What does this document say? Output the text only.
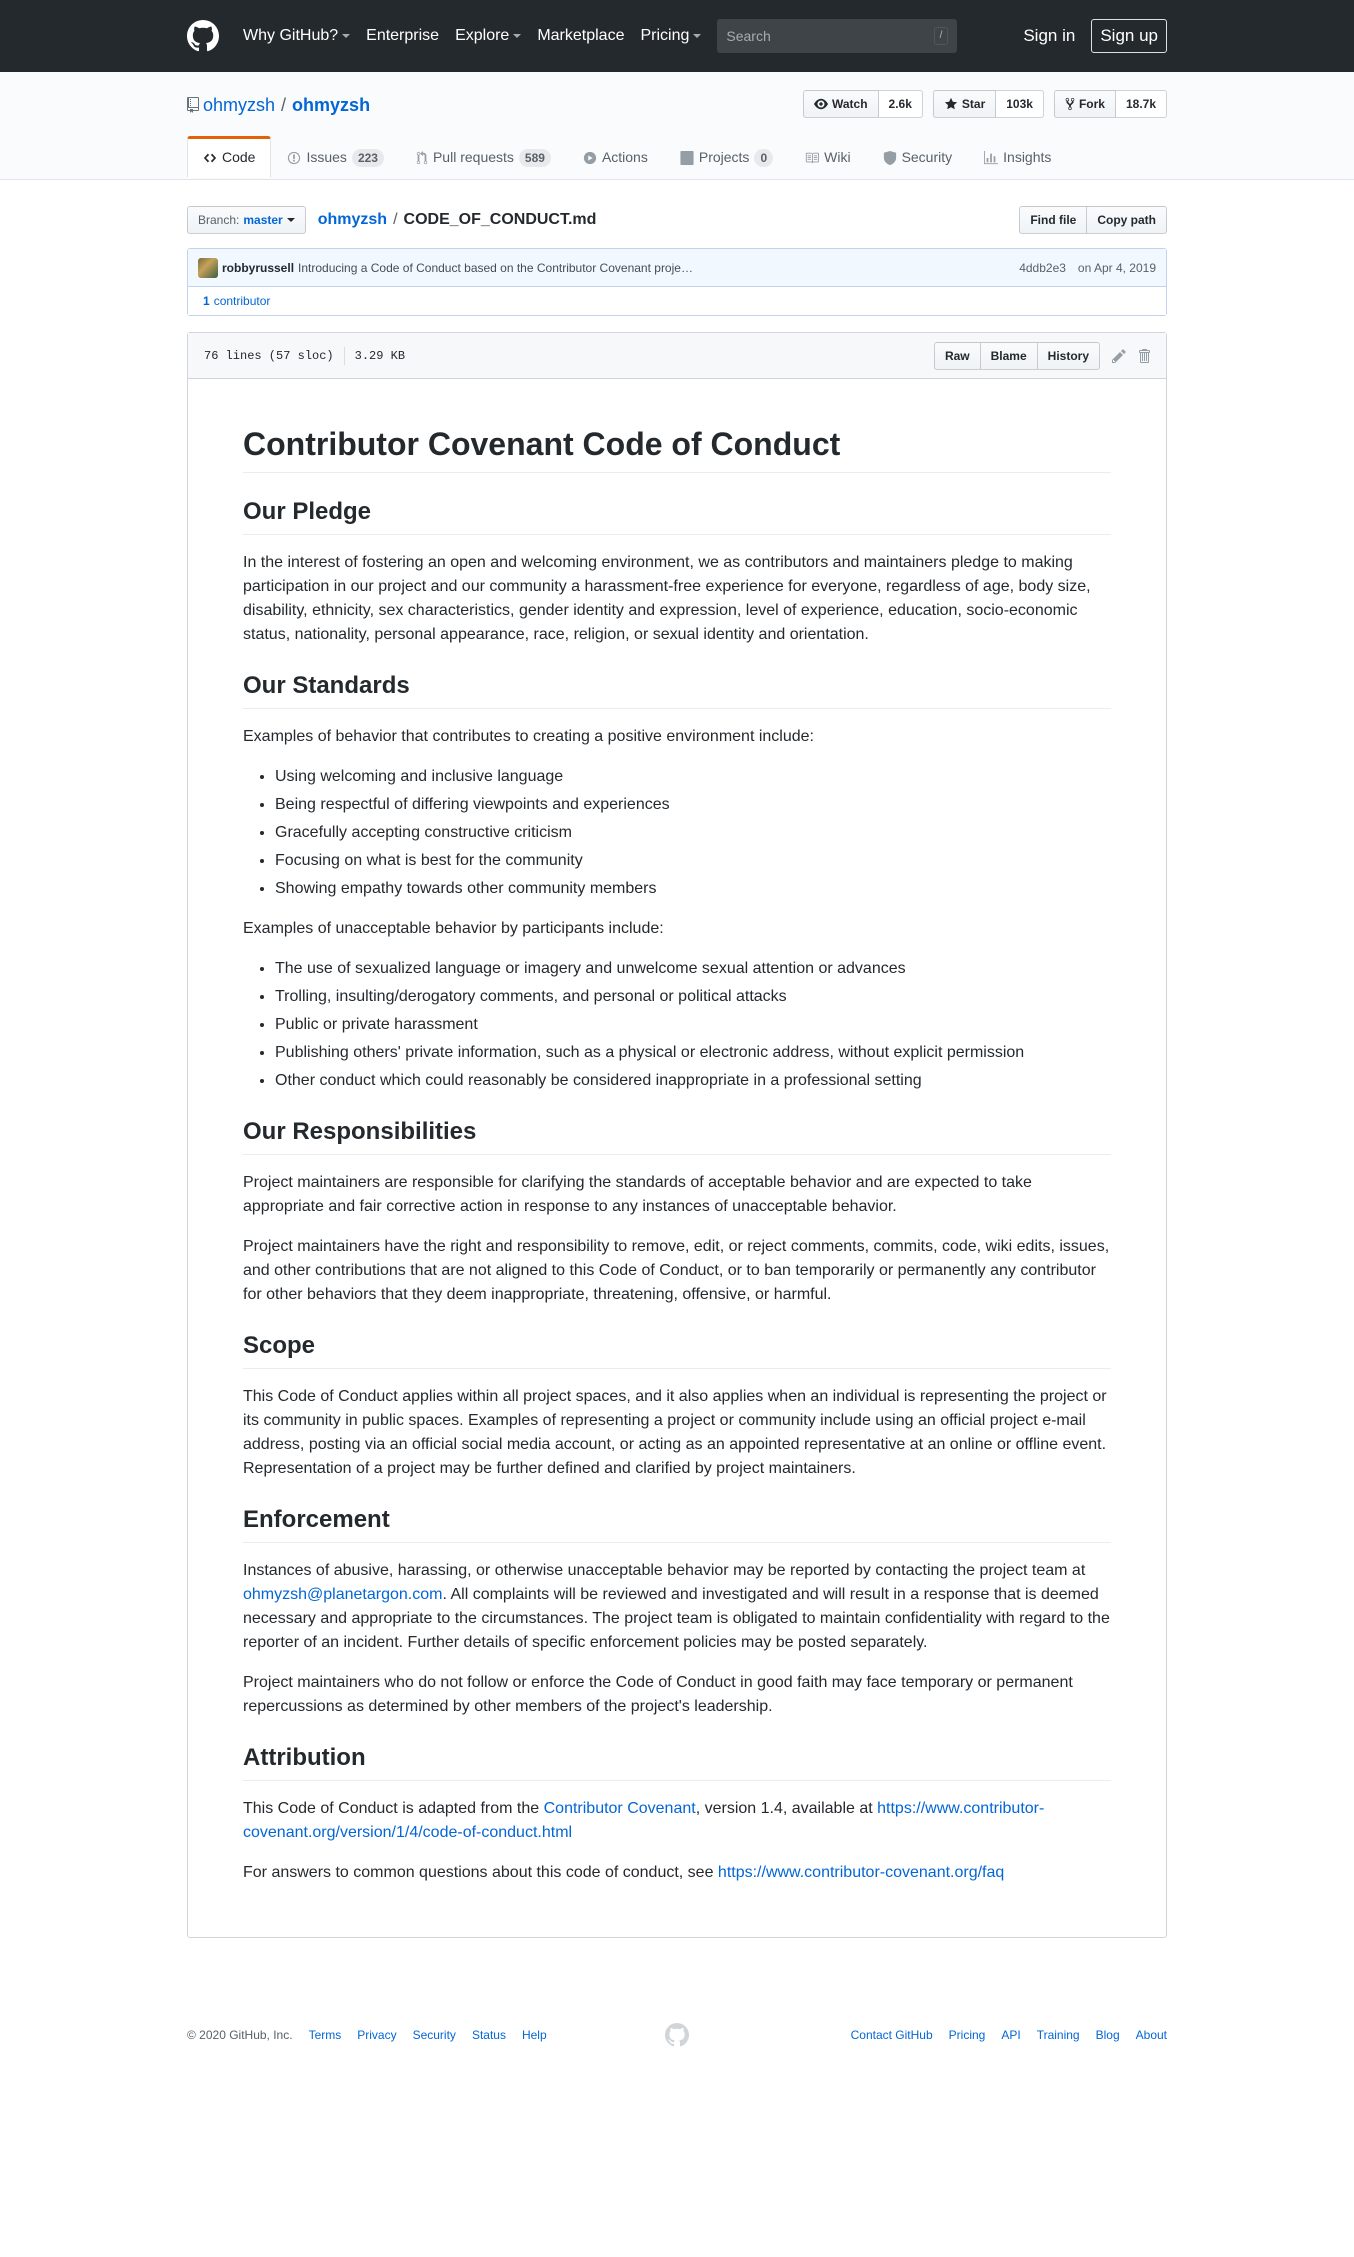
Why GitHub? Enterprise Explore Marketplace Pricing
Search	/	Sign in	Sign up
ohmyzsh / ohmyzsh	Watch	2.6k	Star	103k	Fork	18.7k
Code	Issues 223	Pull requests 589	Actions	Projects 0	Wiki	Security	Insights
Branch: master ohmyzsh / CODE_OF_CONDUCT.md	Find file	Copy path
robbyrussell Introducing a Code of Conduct based on the Contributor Covenant proje…	4ddb2e3 on Apr 4, 2019
1 contributor
76 lines (57 sloc) 3.29 KB	Raw	Blame	History
Contributor Covenant Code of Conduct
Our Pledge

In the interest of fostering an open and welcoming environment, we as contributors and maintainers pledge to making participation in our project and our community a harassment-free experience for everyone, regardless of age, body size, disability, ethnicity, sex characteristics, gender identity and expression, level of experience, education, socio-economic status, nationality, personal appearance, race, religion, or sexual identity and orientation.

Our Standards

Examples of behavior that contributes to creating a positive environment include:

• Using welcoming and inclusive language
• Being respectful of differing viewpoints and experiences
• Gracefully accepting constructive criticism
• Focusing on what is best for the community
• Showing empathy towards other community members

Examples of unacceptable behavior by participants include:

• The use of sexualized language or imagery and unwelcome sexual attention or advances
• Trolling, insulting/derogatory comments, and personal or political attacks
• Public or private harassment
• Publishing others' private information, such as a physical or electronic address, without explicit permission
• Other conduct which could reasonably be considered inappropriate in a professional setting
Our Responsibilities

Project maintainers are responsible for clarifying the standards of acceptable behavior and are expected to take appropriate and fair corrective action in response to any instances of unacceptable behavior.

Project maintainers have the right and responsibility to remove, edit, or reject comments, commits, code, wiki edits, issues, and other contributions that are not aligned to this Code of Conduct, or to ban temporarily or permanently any contributor for other behaviors that they deem inappropriate, threatening, offensive, or harmful.

Scope

This Code of Conduct applies within all project spaces, and it also applies when an individual is representing the project or its community in public spaces. Examples of representing a project or community include using an official project e-mail address, posting via an official social media account, or acting as an appointed representative at an online or offline event. Representation of a project may be further defined and clarified by project maintainers.

Enforcement

Instances of abusive, harassing, or otherwise unacceptable behavior may be reported by contacting the project team at ohmyzsh@planetargon.com. All complaints will be reviewed and investigated and will result in a response that is deemed necessary and appropriate to the circumstances. The project team is obligated to maintain confidentiality with regard to the reporter of an incident. Further details of specific enforcement policies may be posted separately.

Project maintainers who do not follow or enforce the Code of Conduct in good faith may face temporary or permanent repercussions as determined by other members of the project's leadership.

Attribution

This Code of Conduct is adapted from the Contributor Covenant, version 1.4, available at https://www.contributor-covenant.org/version/1/4/code-of-conduct.html

For answers to common questions about this code of conduct, see https://www.contributor-covenant.org/faq

© 2020 GitHub, Inc. Terms Privacy Security Status Help	Contact GitHub Pricing API Training Blog About
